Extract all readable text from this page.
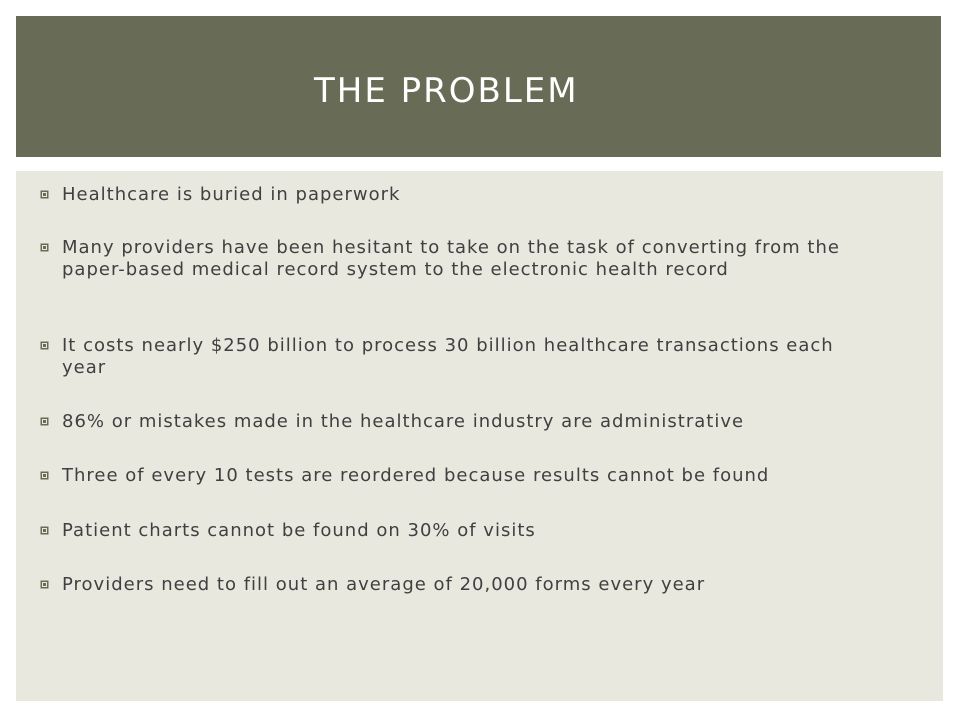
THE PROBLEM
Healthcare is buried in paperwork
Many providers have been hesitant to take on the task of converting from the paper-based medical record system to the electronic health record
It costs nearly $250 billion to process 30 billion healthcare transactions each year
86% or mistakes made in the healthcare industry are administrative
Three of every 10 tests are reordered because results cannot be found
Patient charts cannot be found on 30% of visits
Providers need to fill out an average of 20,000 forms every year
